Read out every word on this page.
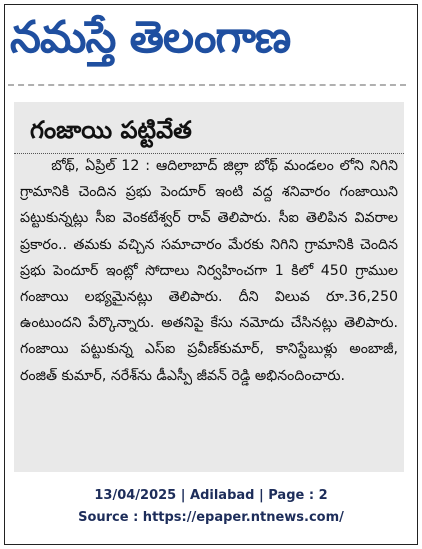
నమస్తే తెలంగాణ
గంజాయి పట్టివేత

బోథ్, ఏప్రిల్ 12 : ఆదిలాబాద్ జిల్లా బోథ్ మండలం లోని నిగిని గ్రామానికి చెందిన ప్రభు పెందూర్ ఇంటి వద్ద శనివారం గంజాయిని పట్టుకున్నట్లు సీఐ వెంకటేశ్వర్ రావ్ తెలిపారు. సీఐ తెలిపిన వివరాల ప్రకారం.. తమకు వచ్చిన సమాచారం మేరకు నిగిని గ్రామానికి చెందిన ప్రభు పెందూర్ ఇంట్లో సోదాలు నిర్వహించగా 1 కిలో 450 గ్రాముల గంజాయి లభ్యమైనట్లు తెలిపారు. దీని విలువ రూ.36,250 ఉంటుందని పేర్కొన్నారు. అతనిపై కేసు నమోదు చేసినట్లు తెలిపారు. గంజాయి పట్టుకున్న ఎస్ఐ ప్రవీణ్‌కుమార్, కానిస్టేబుళ్లు అంబాజీ, రంజిత్ కుమార్, నరేశ్‌ను డీఎస్పీ జీవన్ రెడ్డి అభినందించారు.

13/04/2025 | Adilabad | Page : 2
Source : https://epaper.ntnews.com/
